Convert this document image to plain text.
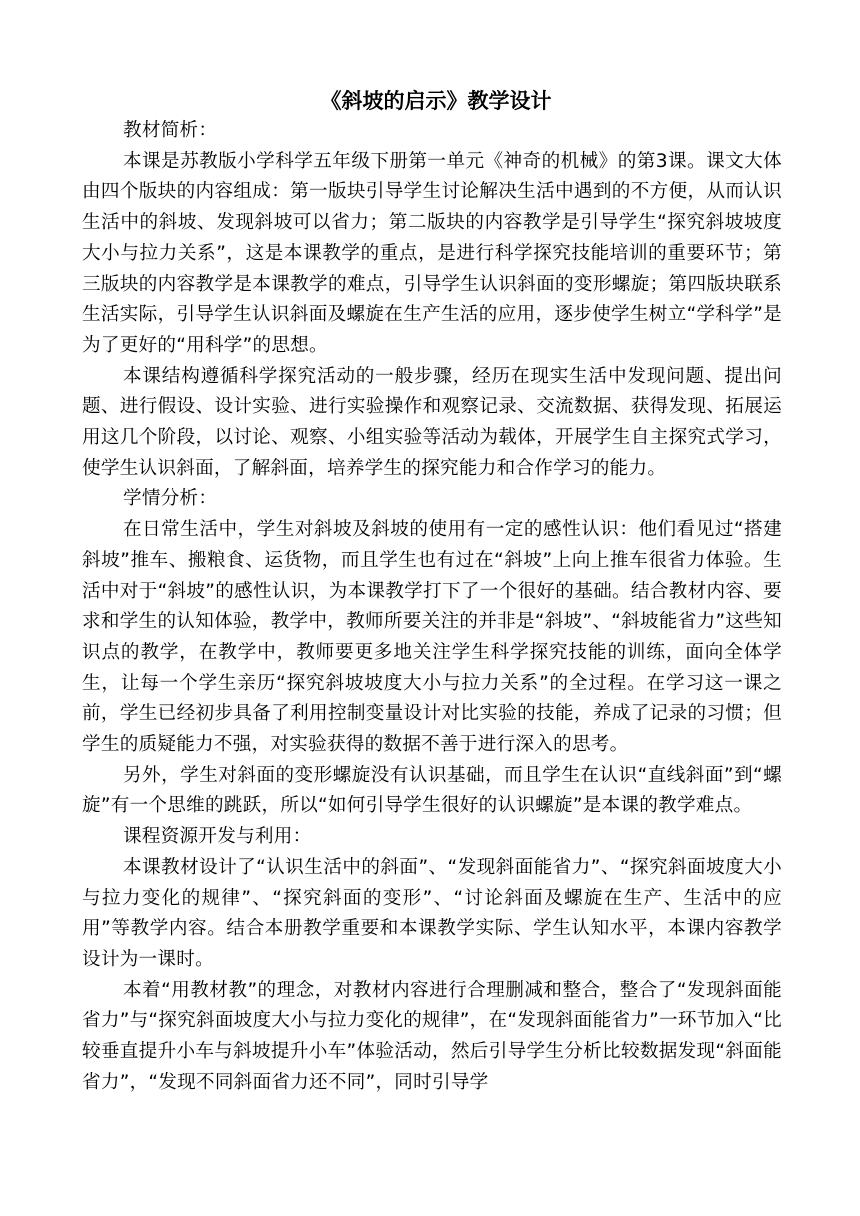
《斜坡的启示》教学设计

教材简析：

本课是苏教版小学科学五年级下册第一单元《神奇的机械》的第3课。课文大体由四个版块的内容组成：第一版块引导学生讨论解决生活中遇到的不方便，从而认识生活中的斜坡、发现斜坡可以省力；第二版块的内容教学是引导学生“探究斜坡坡度大小与拉力关系”，这是本课教学的重点，是进行科学探究技能培训的重要环节；第三版块的内容教学是本课教学的难点，引导学生认识斜面的变形螺旋；第四版块联系生活实际，引导学生认识斜面及螺旋在生产生活的应用，逐步使学生树立“学科学”是为了更好的“用科学”的思想。

本课结构遵循科学探究活动的一般步骤，经历在现实生活中发现问题、提出问题、进行假设、设计实验、进行实验操作和观察记录、交流数据、获得发现、拓展运用这几个阶段，以讨论、观察、小组实验等活动为载体，开展学生自主探究式学习，使学生认识斜面，了解斜面，培养学生的探究能力和合作学习的能力。

学情分析：

在日常生活中，学生对斜坡及斜坡的使用有一定的感性认识：他们看见过“搭建斜坡”推车、搬粮食、运货物，而且学生也有过在“斜坡”上向上推车很省力体验。生活中对于“斜坡”的感性认识，为本课教学打下了一个很好的基础。结合教材内容、要求和学生的认知体验，教学中，教师所要关注的并非是“斜坡”、“斜坡能省力”这些知识点的教学，在教学中，教师要更多地关注学生科学探究技能的训练，面向全体学生，让每一个学生亲历“探究斜坡坡度大小与拉力关系”的全过程。在学习这一课之前，学生已经初步具备了利用控制变量设计对比实验的技能，养成了记录的习惯；但学生的质疑能力不强，对实验获得的数据不善于进行深入的思考。

另外，学生对斜面的变形螺旋没有认识基础，而且学生在认识“直线斜面”到“螺旋”有一个思维的跳跃，所以“如何引导学生很好的认识螺旋”是本课的教学难点。

课程资源开发与利用：

本课教材设计了“认识生活中的斜面”、“发现斜面能省力”、“探究斜面坡度大小与拉力变化的规律”、“探究斜面的变形”、“讨论斜面及螺旋在生产、生活中的应用”等教学内容。结合本册教学重要和本课教学实际、学生认知水平，本课内容教学设计为一课时。

本着“用教材教”的理念，对教材内容进行合理删减和整合，整合了“发现斜面能省力”与“探究斜面坡度大小与拉力变化的规律”，在“发现斜面能省力”一环节加入“比较垂直提升小车与斜坡提升小车”体验活动，然后引导学生分析比较数据发现“斜面能省力”，“发现不同斜面省力还不同”，同时引导学
